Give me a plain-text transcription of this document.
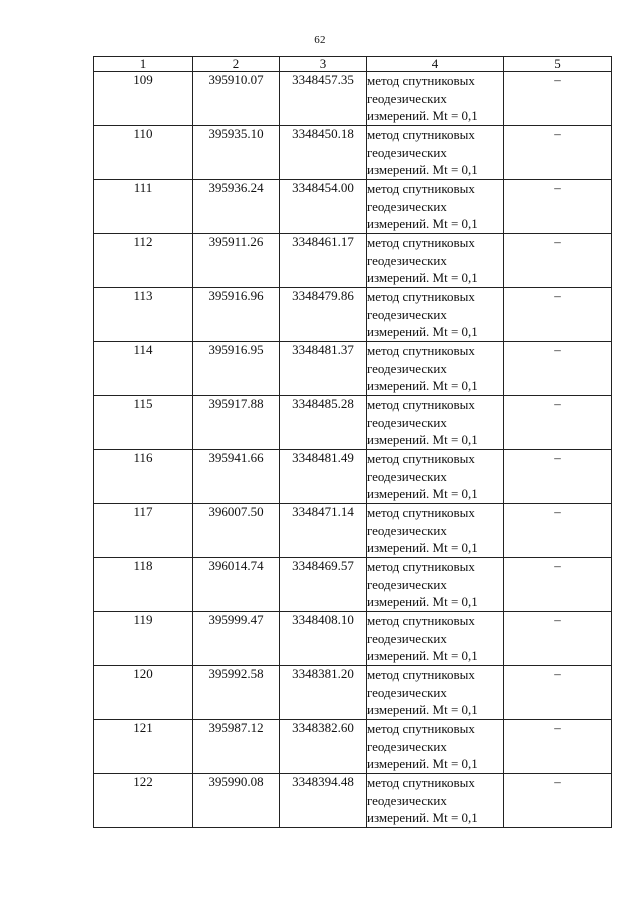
62
1	2	3	4	5
109	395910.07	3348457.35	метод спутниковых
геодезических
измерений. Mt = 0,1	–
110	395935.10	3348450.18	метод спутниковых
геодезических
измерений. Mt = 0,1	–
111	395936.24	3348454.00	метод спутниковых
геодезических
измерений. Mt = 0,1	–
112	395911.26	3348461.17	метод спутниковых
геодезических
измерений. Mt = 0,1	–
113	395916.96	3348479.86	метод спутниковых
геодезических
измерений. Mt = 0,1	–
114	395916.95	3348481.37	метод спутниковых
геодезических
измерений. Mt = 0,1	–
115	395917.88	3348485.28	метод спутниковых
геодезических
измерений. Mt = 0,1	–
116	395941.66	3348481.49	метод спутниковых
геодезических
измерений. Mt = 0,1	–
117	396007.50	3348471.14	метод спутниковых
геодезических
измерений. Mt = 0,1	–
118	396014.74	3348469.57	метод спутниковых
геодезических
измерений. Mt = 0,1	–
119	395999.47	3348408.10	метод спутниковых
геодезических
измерений. Mt = 0,1	–
120	395992.58	3348381.20	метод спутниковых
геодезических
измерений. Mt = 0,1	–
121	395987.12	3348382.60	метод спутниковых
геодезических
измерений. Mt = 0,1	–
122	395990.08	3348394.48	метод спутниковых
геодезических
измерений. Mt = 0,1	–
